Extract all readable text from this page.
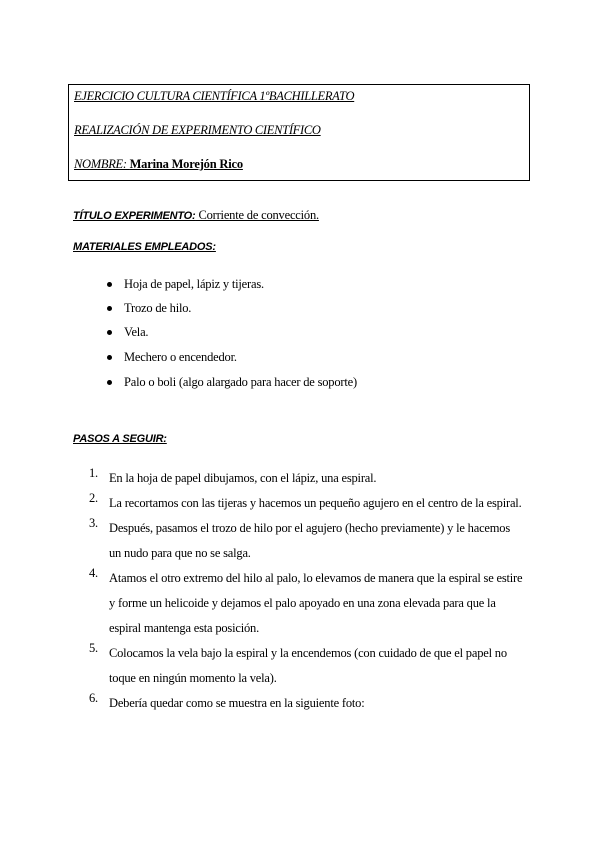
EJERCICIO CULTURA CIENTÍFICA 1ºBACHILLERATO
REALIZACIÓN DE EXPERIMENTO CIENTÍFICO
NOMBRE: Marina Morejón Rico
TÍTULO EXPERIMENTO: Corriente de convección.
MATERIALES EMPLEADOS:
Hoja de papel, lápiz y tijeras.
Trozo de hilo.
Vela.
Mechero o encendedor.
Palo o boli (algo alargado para hacer de soporte)
PASOS A SEGUIR:
1. En la hoja de papel dibujamos, con el lápiz, una espiral.
2. La recortamos con las tijeras y hacemos un pequeño agujero en el centro de la espiral.
3. Después, pasamos el trozo de hilo por el agujero (hecho previamente) y le hacemos
un nudo para que no se salga.
4. Atamos el otro extremo del hilo al palo, lo elevamos de manera que la espiral se estire
y forme un helicoide y dejamos el palo apoyado en una zona elevada para que la
espiral mantenga esta posición.
5. Colocamos la vela bajo la espiral y la encendemos (con cuidado de que el papel no
toque en ningún momento la vela).
6. Debería quedar como se muestra en la siguiente foto:
